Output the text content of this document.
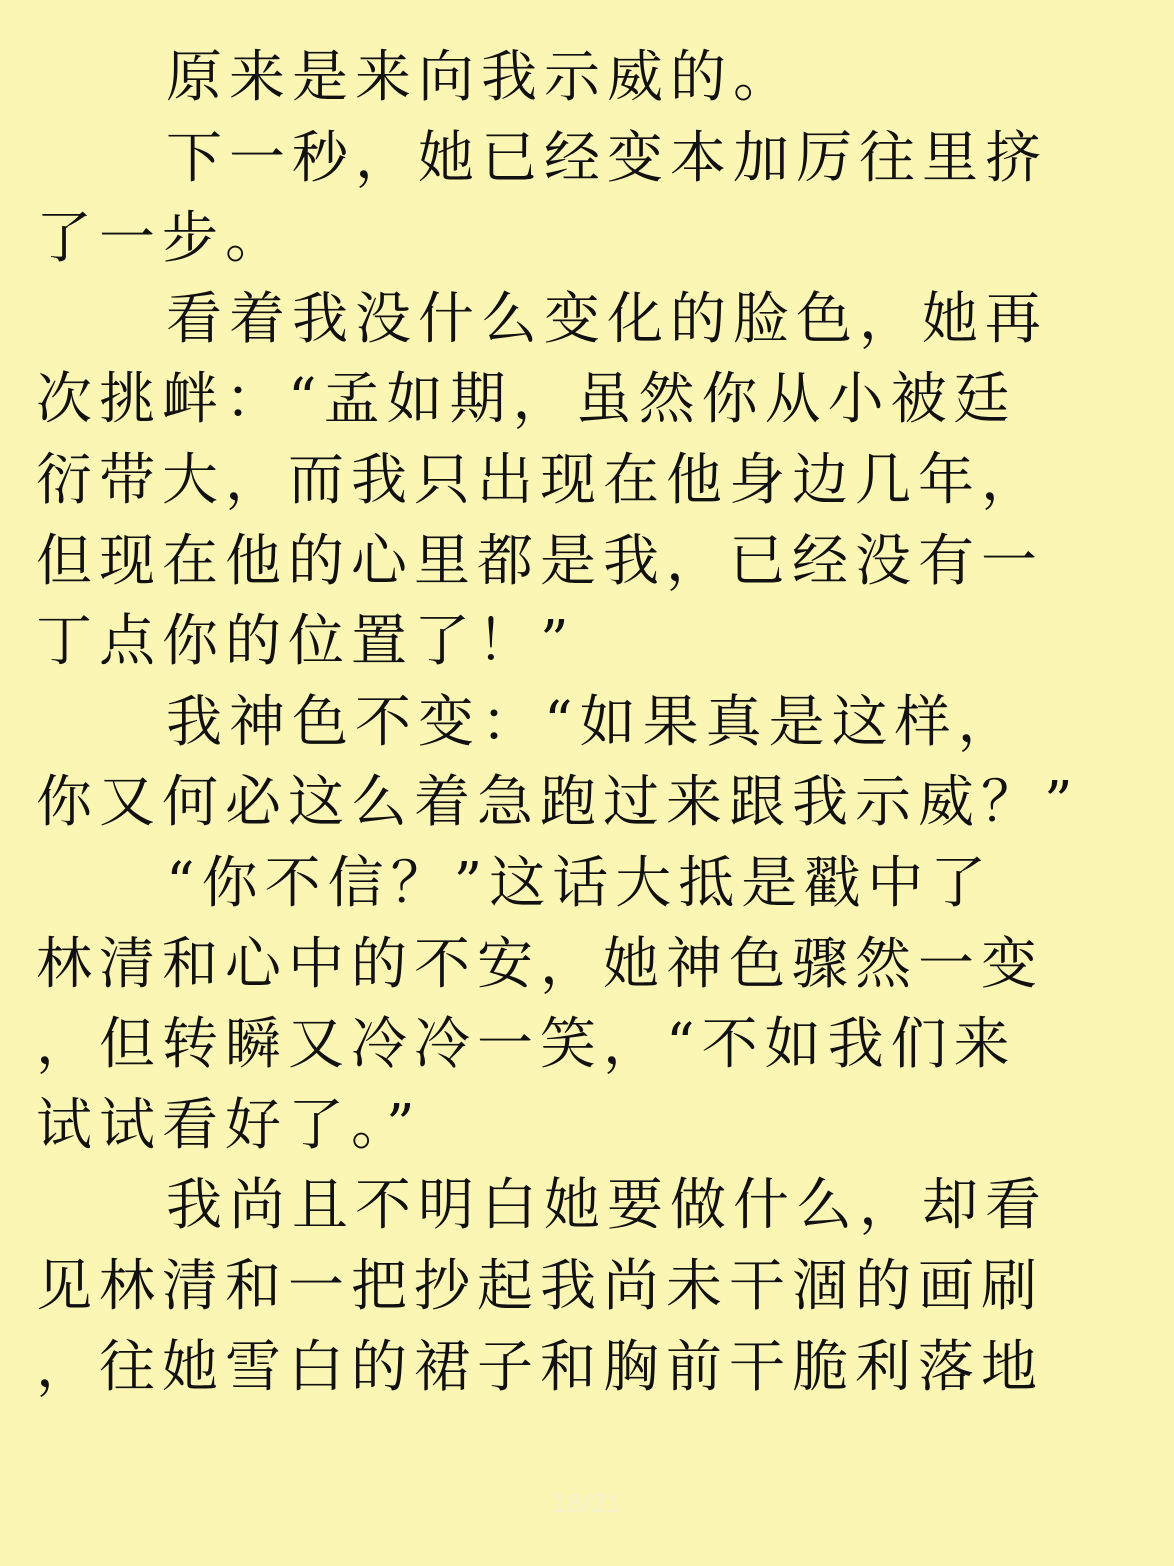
原来是来向我示威的。
下一秒，她已经变本加厉往里挤
了一步。
看着我没什么变化的脸色，她再
次挑衅：“孟如期，虽然你从小被廷
衍带大，而我只出现在他身边几年，
但现在他的心里都是我，已经没有一
丁点你的位置了！”
我神色不变：“如果真是这样，
你又何必这么着急跑过来跟我示威？”
“你不信？”这话大抵是戳中了
林清和心中的不安，她神色骤然一变
，但转瞬又冷冷一笑，“不如我们来
试试看好了。”
我尚且不明白她要做什么，却看
见林清和一把抄起我尚未干涸的画刷
，往她雪白的裙子和胸前干脆利落地
18/21
